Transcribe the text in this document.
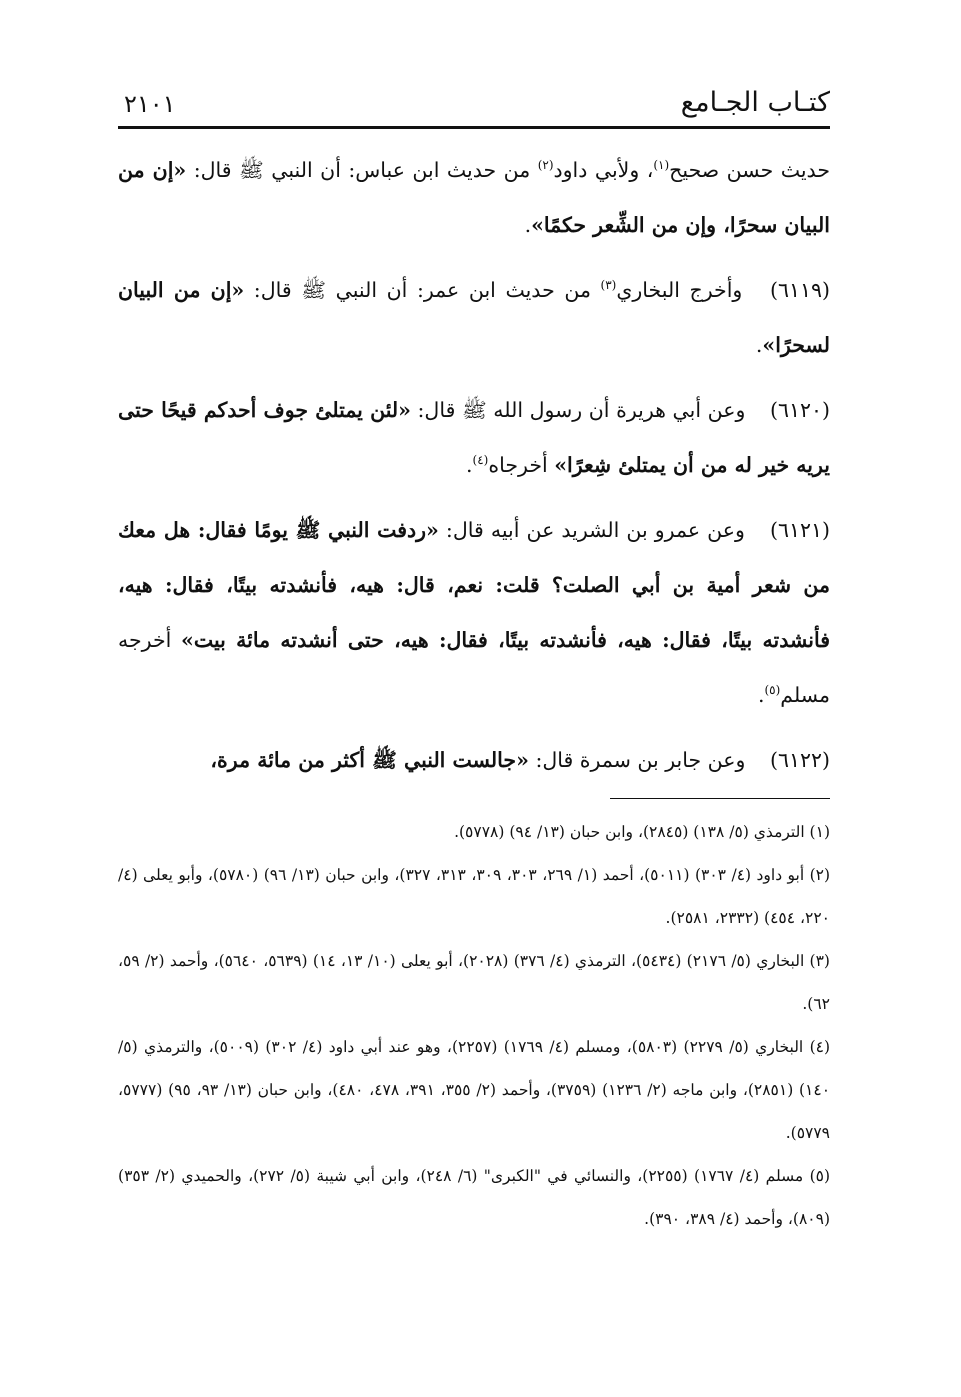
كتـاب الجـامع
٢١٠١

حديث حسن صحيح$^{(١)}$، ولأبي داود$^{(٢)}$ من حديث ابن عباس: أن النبي ﷺ قال: «إن من البيان سحرًا، وإن من الشِّعر حكمًا».

(٦١١٩)وأخرج البخاري$^{(٣)}$ من حديث ابن عمر: أن النبي ﷺ قال: «إن من البيان لسحرًا».

(٦١٢٠)وعن أبي هريرة أن رسول الله ﷺ قال: «لئن يمتلئ جوف أحدكم قيحًا حتى يريه خير له من أن يمتلئ شِعرًا» أخرجاه$^{(٤)}$.

(٦١٢١)وعن عمرو بن الشريد عن أبيه قال: «ردفت النبي ﷺ يومًا فقال: هل معك من شعر أمية بن أبي الصلت؟ قلت: نعم، قال: هيه، فأنشدته بيتًا، فقال: هيه، فأنشدته بيتًا، فقال: هيه، فأنشدته بيتًا، فقال: هيه، حتى أنشدته مائة بيت» أخرجه مسلم$^{(٥)}$.

(٦١٢٢)وعن جابر بن سمرة قال: «جالست النبي ﷺ أكثر من مائة مرة،

(١) الترمذي (٥/ ١٣٨) (٢٨٤٥)، وابن حبان (١٣/ ٩٤) (٥٧٧٨).
(٢) أبو داود (٤/ ٣٠٣) (٥٠١١)، أحمد (١/ ٢٦٩، ٣٠٣، ٣٠٩، ٣١٣، ٣٢٧)، وابن حبان (١٣/ ٩٦) (٥٧٨٠)، وأبو يعلى (٤/ ٢٢٠، ٤٥٤) (٢٣٣٢، ٢٥٨١).
(٣) البخاري (٥/ ٢١٧٦) (٥٤٣٤)، الترمذي (٤/ ٣٧٦) (٢٠٢٨)، أبو يعلى (١٠/ ١٣، ١٤) (٥٦٣٩، ٥٦٤٠)، وأحمد (٢/ ٥٩، ٦٢).
(٤) البخاري (٥/ ٢٢٧٩) (٥٨٠٣)، ومسلم (٤/ ١٧٦٩) (٢٢٥٧)، وهو عند أبي داود (٤/ ٣٠٢) (٥٠٠٩)، والترمذي (٥/ ١٤٠) (٢٨٥١)، وابن ماجه (٢/ ١٢٣٦) (٣٧٥٩)، وأحمد (٢/ ٣٥٥، ٣٩١، ٤٧٨، ٤٨٠)، وابن حبان (١٣/ ٩٣، ٩٥) (٥٧٧٧، ٥٧٧٩).
(٥) مسلم (٤/ ١٧٦٧) (٢٢٥٥)، والنسائي في "الكبرى" (٦/ ٢٤٨)، وابن أبي شيبة (٥/ ٢٧٢)، والحميدي (٢/ ٣٥٣) (٨٠٩)، وأحمد (٤/ ٣٨٩، ٣٩٠).
